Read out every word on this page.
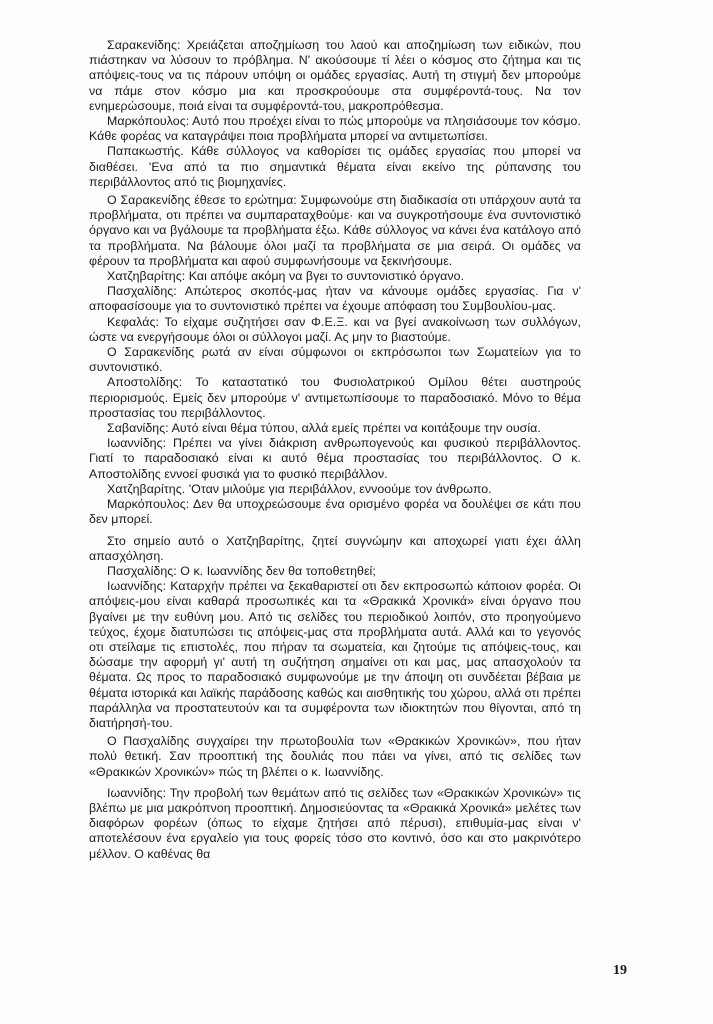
Σαρακενίδης: Χρειάζεται αποζημίωση του λαού και αποζημίωση των ειδικών, που πιάστηκαν να λύσουν το πρόβλημα. Ν' ακούσουμε τί λέει ο κόσμος στο ζήτημα και τις απόψεις-τους να τις πάρουν υπόψη οι ομάδες εργασίας. Αυτή τη στιγμή δεν μπορούμε να πάμε στον κόσμο μια και προσκρούουμε στα συμφέροντά-τους. Να τον ενημερώσουμε, ποιά είναι τα συμφέροντά-του, μακροπρόθεσμα.

Μαρκόπουλος: Αυτό που προέχει είναι το πώς μπορούμε να πλησιάσουμε τον κόσμο. Κάθε φορέας να καταγράψει ποια προβλήματα μπορεί να αντιμετωπίσει.

Παπακωστής. Κάθε σύλλογος να καθορίσει τις ομάδες εργασίας που μπορεί να διαθέσει. 'Ενα από τα πιο σημαντικά θέματα είναι εκείνο της ρύπανσης του περιβάλλοντος από τις βιομηχανίες.

Ο Σαρακενίδης έθεσε το ερώτημα: Συμφωνούμε στη διαδικασία οτι υπάρχουν αυτά τα προβλήματα, οτι πρέπει να συμπαραταχθούμε· και να συγκροτήσουμε ένα συντονιστικό όργανο και να βγάλουμε τα προβλήματα έξω. Κάθε σύλλογος να κάνει ένα κατάλογο από τα προβλήματα. Να βάλουμε όλοι μαζί τα προβλήματα σε μια σειρά. Οι ομάδες να φέρουν τα προβλήματα και αφού συμφωνήσουμε να ξεκινήσουμε.

Χατζηβαρίτης: Και απόψε ακόμη να βγει το συντονιστικό όργανο.

Πασχαλίδης: Απώτερος σκοπός-μας ήταν να κάνουμε ομάδες εργασίας. Για ν' αποφασίσουμε για το συντονιστικό πρέπει να έχουμε απόφαση του Συμβουλίου-μας.

Κεφαλάς: Το είχαμε συζητήσει σαν Φ.Ε.Ξ. και να βγεί ανακοίνωση των συλλόγων, ώστε να ενεργήσουμε όλοι οι σύλλογοι μαζί. Ας μην το βιαστούμε.

Ο Σαρακενίδης ρωτά αν είναι σύμφωνοι οι εκπρόσωποι των Σωματείων για το συντονιστικό.

Αποστολίδης: Το καταστατικό του Φυσιολατρικού Ομίλου θέτει αυστηρούς περιορισμούς. Εμείς δεν μπορούμε ν' αντιμετωπίσουμε το παραδοσιακό. Μόνο το θέμα προστασίας του περιβάλλοντος.

Σαβανίδης: Αυτό είναι θέμα τύπου, αλλά εμείς πρέπει να κοιτάξουμε την ουσία.

Ιωαννίδης: Πρέπει να γίνει διάκριση ανθρωπογενούς και φυσικού περιβάλλοντος. Γιατί το παραδοσιακό είναι κι αυτό θέμα προστασίας του περιβάλλοντος. Ο κ. Αποστολίδης εννοεί φυσικά για το φυσικό περιβάλλον.

Χατζηβαρίτης. 'Οταν μιλούμε για περιβάλλον, εννοούμε τον άνθρωπο.

Μαρκόπουλος: Δεν θα υποχρεώσουμε ένα ορισμένο φορέα να δουλέψει σε κάτι που δεν μπορεί.

Στο σημείο αυτό ο Χατζηβαρίτης, ζητεί συγνώμην και αποχωρεί γιατι έχει άλλη απασχόληση.

Πασχαλίδης: Ο κ. Ιωαννίδης δεν θα τοποθετηθεί;

Ιωαννίδης: Καταρχήν πρέπει να ξεκαθαριστεί οτι δεν εκπροσωπώ κάποιον φορέα. Οι απόψεις-μου είναι καθαρά προσωπικές και τα «Θρακικά Χρονικά» είναι όργανο που βγαίνει με την ευθύνη μου. Από τις σελίδες του περιοδικού λοιπόν, στο προηγούμενο τεύχος, έχομε διατυπώσει τις απόψεις-μας στα προβλήματα αυτά. Αλλά και το γεγονός οτι στείλαμε τις επιστολές, που πήραν τα σωματεία, και ζητούμε τις απόψεις-τους, και δώσαμε την αφορμή γι' αυτή τη συζήτηση σημαίνει οτι και μας, μας απασχολούν τα θέματα. Ως προς το παραδοσιακό συμφωνούμε με την άποψη οτι συνδέεται βέβαια με θέματα ιστορικά και λαϊκής παράδοσης καθώς και αισθητικής του χώρου, αλλά οτι πρέπει παράλληλα να προστατευτούν και τα συμφέροντα των ιδιοκτητών που θίγονται, από τη διατήρησή-του.

Ο Πασχαλίδης συγχαίρει την πρωτοβουλία των «Θρακικών Χρονικών», που ήταν πολύ θετική. Σαν προοπτική της δουλιάς που πάει να γίνει, από τις σελίδες των «Θρακικών Χρονικών» πώς τη βλέπει ο κ. Ιωαννίδης.

Ιωαννίδης: Την προβολή των θεμάτων από τις σελίδες των «Θρακικών Χρονικών» τις βλέπω με μια μακρόπνοη προοπτική. Δημοσιεύοντας τα «Θρακικά Χρονικά» μελέτες των διαφόρων φορέων (όπως το είχαμε ζητήσει από πέρυσι), επιθυμία-μας είναι ν' αποτελέσουν ένα εργαλείο για τους φορείς τόσο στο κοντινό, όσο και στο μακρινότερο μέλλον. Ο καθένας θα

19
